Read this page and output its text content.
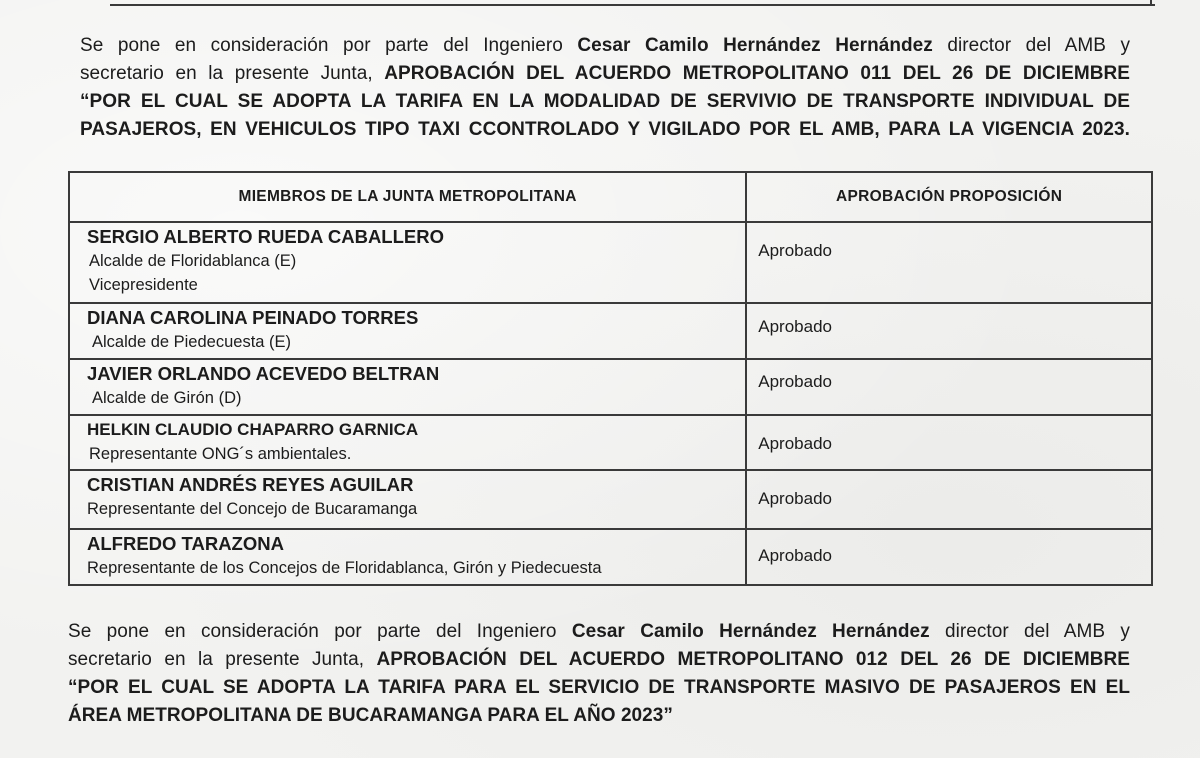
Se pone en consideración por parte del Ingeniero Cesar Camilo Hernández Hernández director del AMB y
secretario en la presente Junta, APROBACIÓN DEL ACUERDO METROPOLITANO 011 DEL 26 DE DICIEMBRE
“POR EL CUAL SE ADOPTA LA TARIFA EN LA MODALIDAD DE SERVIVIO DE TRANSPORTE INDIVIDUAL DE
PASAJEROS, EN VEHICULOS TIPO TAXI CCONTROLADO Y VIGILADO POR EL AMB, PARA LA VIGENCIA 2023.
MIEMBROS DE LA JUNTA METROPOLITANA	APROBACIÓN PROPOSICIÓN

SERGIO ALBERTO RUEDA CABALLERO
Alcalde de Floridablanca (E)
Vicepresidente	Aprobado

DIANA CAROLINA PEINADO TORRES
Alcalde de Piedecuesta (E)	Aprobado

JAVIER ORLANDO ACEVEDO BELTRAN
Alcalde de Girón (D)	Aprobado

HELKIN CLAUDIO CHAPARRO GARNICA
Representante ONG´s ambientales.	Aprobado

CRISTIAN ANDRÉS REYES AGUILAR
Representante del Concejo de Bucaramanga	Aprobado

ALFREDO TARAZONA
Representante de los Concejos de Floridablanca, Girón y Piedecuesta	Aprobado
Se pone en consideración por parte del Ingeniero Cesar Camilo Hernández Hernández director del AMB y
secretario en la presente Junta, APROBACIÓN DEL ACUERDO METROPOLITANO 012 DEL 26 DE DICIEMBRE
“POR EL CUAL SE ADOPTA LA TARIFA PARA EL SERVICIO DE TRANSPORTE MASIVO DE PASAJEROS EN EL
ÁREA METROPOLITANA DE BUCARAMANGA PARA EL AÑO 2023”
